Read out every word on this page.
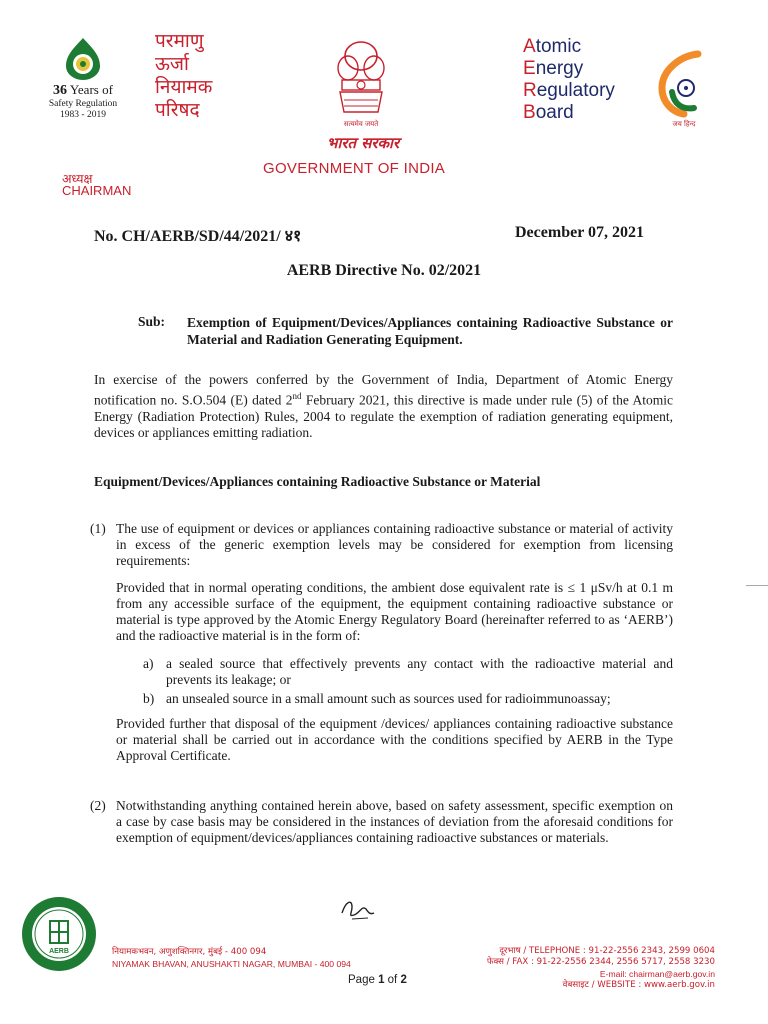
36 Years of
Safety Regulation
1983 - 2019
परमाणु
ऊर्जा
नियामक
परिषद
सत्यमेव जयते
भारत सरकार
GOVERNMENT OF INDIA
Atomic
Energy
Regulatory
Board
जय हिन्द
अध्यक्ष
CHAIRMAN
No. CH/AERB/SD/44/2021/ ४१	December 07, 2021
AERB Directive No. 02/2021
Sub: Exemption of Equipment/Devices/Appliances containing Radioactive Substance or Material and Radiation Generating Equipment.
In exercise of the powers conferred by the Government of India, Department of Atomic Energy notification no. S.O.504 (E) dated 2nd February 2021, this directive is made under rule (5) of the Atomic Energy (Radiation Protection) Rules, 2004 to regulate the exemption of radiation generating equipment, devices or appliances emitting radiation.
Equipment/Devices/Appliances containing Radioactive Substance or Material
(1) The use of equipment or devices or appliances containing radioactive substance or material of activity in excess of the generic exemption levels may be considered for exemption from licensing requirements:
Provided that in normal operating conditions, the ambient dose equivalent rate is ≤ 1 μSv/h at 0.1 m from any accessible surface of the equipment, the equipment containing radioactive substance or material is type approved by the Atomic Energy Regulatory Board (hereinafter referred to as ‘AERB’) and the radioactive material is in the form of:
a) a sealed source that effectively prevents any contact with the radioactive material and prevents its leakage; or
b) an unsealed source in a small amount such as sources used for radioimmunoassay;
Provided further that disposal of the equipment /devices/ appliances containing radioactive substance or material shall be carried out in accordance with the conditions specified by AERB in the Type Approval Certificate.
(2) Notwithstanding anything contained herein above, based on safety assessment, specific exemption on a case by case basis may be considered in the instances of deviation from the aforesaid conditions for exemption of equipment/devices/appliances containing radioactive substances or materials.
AERB	नियामकभवन, अणुशक्तिनगर, मुंबई - 400 094
NIYAMAK BHAVAN, ANUSHAKTI NAGAR, MUMBAI - 400 094
दूरभाष / TELEPHONE : 91-22-2556 2343, 2599 0604
फेक्स / FAX : 91-22-2556 2344, 2556 5717, 2558 3230
E-mail: chairman@aerb.gov.in
वेबसाइट / WEBSITE : www.aerb.gov.in
Page 1 of 2
